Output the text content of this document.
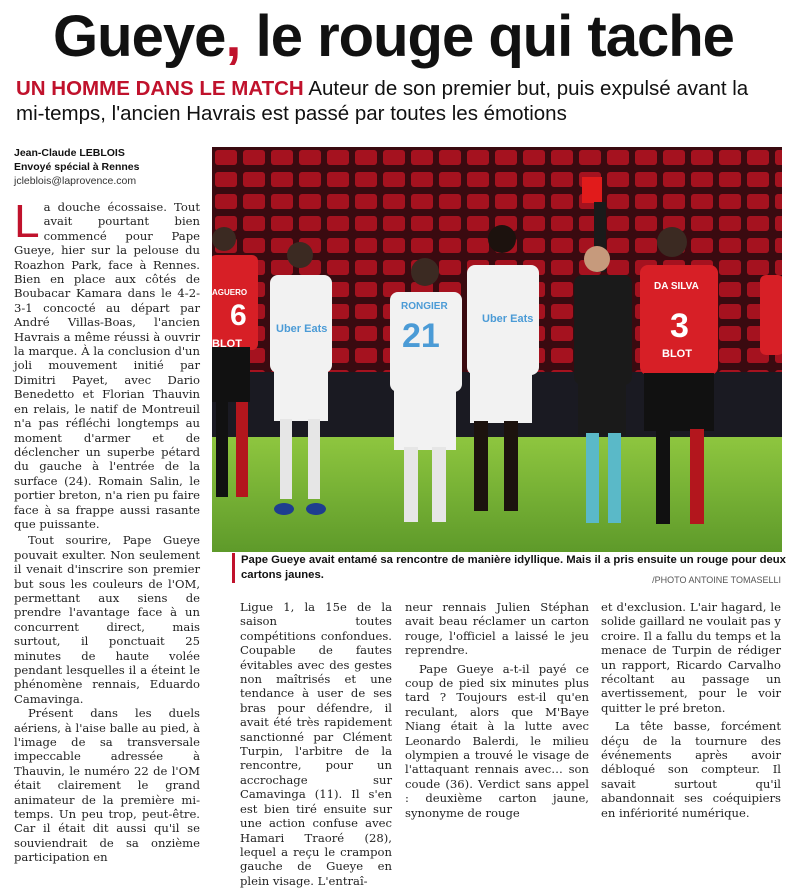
Gueye, le rouge qui tache
UN HOMME DANS LE MATCH Auteur de son premier but, puis expulsé avant la mi-temps, l'ancien Havrais est passé par toutes les émotions
Jean-Claude LEBLOIS
Envoyé spécial à Rennes
jcleblois@laprovence.com

La douche écossaise. Tout avait pourtant bien commencé pour Pape Gueye, hier sur la pelouse du Roazhon Park, face à Rennes. Bien en place aux côtés de Boubacar Kamara dans le 4-2-3-1 concocté au départ par André Villas-Boas, l'ancien Havrais a même réussi à ouvrir la marque. À la conclusion d'un joli mouvement initié par Dimitri Payet, avec Dario Benedetto et Florian Thauvin en relais, le natif de Montreuil n'a pas réfléchi longtemps au moment d'armer et de déclencher un superbe pétard du gauche à l'entrée de la surface (24). Romain Salin, le portier breton, n'a rien pu faire face à sa frappe aussi rasante que puissante.

Tout sourire, Pape Gueye pouvait exulter. Non seulement il venait d'inscrire son premier but sous les couleurs de l'OM, permettant aux siens de prendre l'avantage face à un concurrent direct, mais surtout, il ponctuait 25 minutes de haute volée pendant lesquelles il a éteint le phénomène rennais, Eduardo Camavinga.

Présent dans les duels aériens, à l'aise balle au pied, à l'image de sa transversale impeccable adressée à Thauvin, le numéro 22 de l'OM était clairement le grand animateur de la première mi-temps. Un peu trop, peut-être. Car il était dit aussi qu'il se souviendrait de sa onzième participation en

6
AGUERO
BLOT
Uber Eats
RONGIER
21	Uber Eats
DA SILVA
3
BLOT
Pape Gueye avait entamé sa rencontre de manière idyllique. Mais il a pris ensuite un rouge pour deux cartons jaunes.	/PHOTO ANTOINE TOMASELLI

Ligue 1, la 15e de la saison toutes compétitions confondues. Coupable de fautes évitables avec des gestes non maîtrisés et une tendance à user de ses bras pour défendre, il avait été très rapidement sanctionné par Clément Turpin, l'arbitre de la rencontre, pour un accrochage sur Camavinga (11). Il s'en est bien tiré ensuite sur une action confuse avec Hamari Traoré (28), lequel a reçu le crampon gauche de Gueye en plein visage. L'entraî-

neur rennais Julien Stéphan avait beau réclamer un carton rouge, l'officiel a laissé le jeu reprendre.

Pape Gueye a-t-il payé ce coup de pied six minutes plus tard ? Toujours est-il qu'en reculant, alors que M'Baye Niang était à la lutte avec Leonardo Balerdi, le milieu olympien a trouvé le visage de l'attaquant rennais avec… son coude (36). Verdict sans appel : deuxième carton jaune, synonyme de rouge

et d'exclusion. L'air hagard, le solide gaillard ne voulait pas y croire. Il a fallu du temps et la menace de Turpin de rédiger un rapport, Ricardo Carvalho récoltant au passage un avertissement, pour le voir quitter le pré breton.

La tête basse, forcément déçu de la tournure des événements après avoir débloqué son compteur. Il savait surtout qu'il abandonnait ses coéquipiers en infériorité numérique.
